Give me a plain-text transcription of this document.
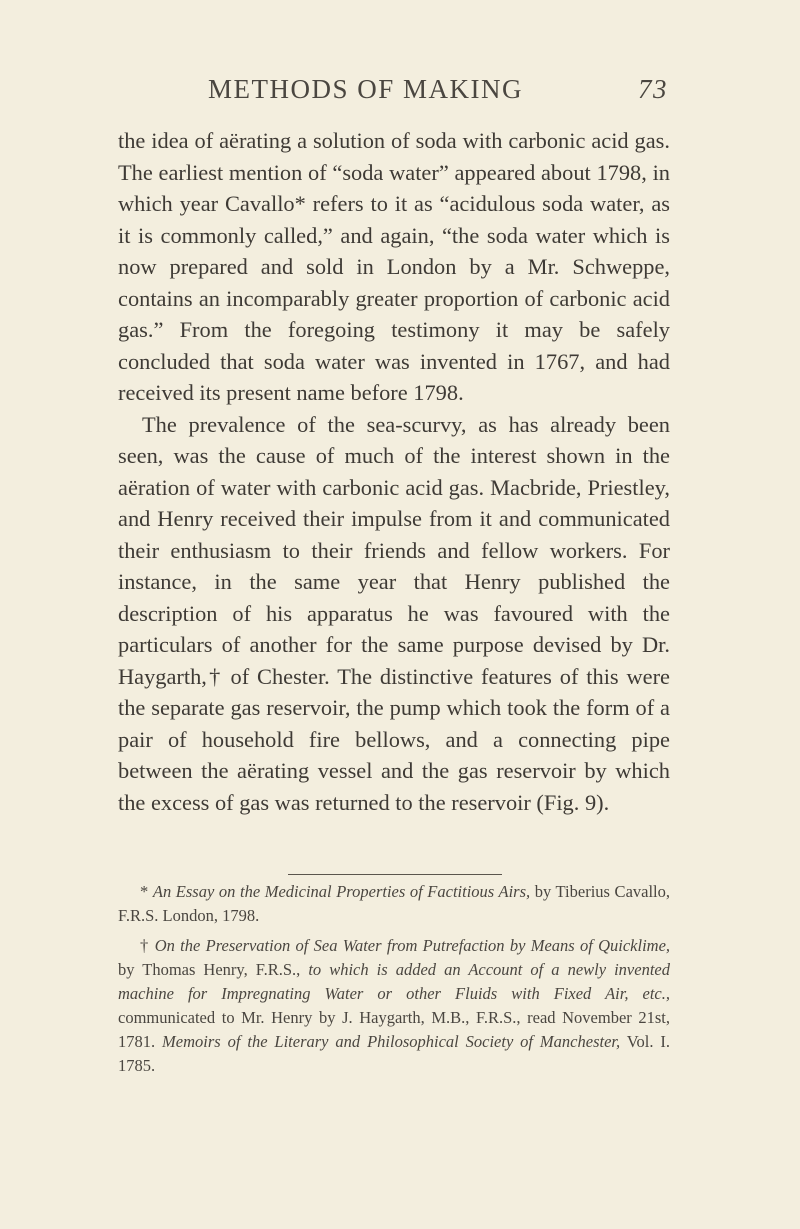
METHODS OF MAKING	73

the idea of aërating a solution of soda with carbonic acid gas. The earliest mention of “soda water” appeared about 1798, in which year Cavallo* refers to it as “acidulous soda water, as it is commonly called,” and again, “the soda water which is now prepared and sold in London by a Mr. Schweppe, contains an incomparably greater proportion of carbonic acid gas.” From the foregoing testimony it may be safely concluded that soda water was invented in 1767, and had received its present name before 1798.

The prevalence of the sea-scurvy, as has already been seen, was the cause of much of the interest shown in the aëration of water with carbonic acid gas. Macbride, Priestley, and Henry received their impulse from it and communicated their enthusiasm to their friends and fellow workers. For instance, in the same year that Henry published the description of his apparatus he was favoured with the particulars of another for the same purpose devised by Dr. Haygarth,† of Chester. The distinctive features of this were the separate gas reservoir, the pump which took the form of a pair of household fire bellows, and a connecting pipe between the aërating vessel and the gas reservoir by which the excess of gas was returned to the reservoir (Fig. 9).

* An Essay on the Medicinal Properties of Factitious Airs, by Tiberius Cavallo, F.R.S. London, 1798.

† On the Preservation of Sea Water from Putrefaction by Means of Quicklime, by Thomas Henry, F.R.S., to which is added an Account of a newly invented machine for Impregnating Water or other Fluids with Fixed Air, etc., communicated to Mr. Henry by J. Haygarth, M.B., F.R.S., read November 21st, 1781. Memoirs of the Literary and Philosophical Society of Manchester, Vol. I. 1785.
